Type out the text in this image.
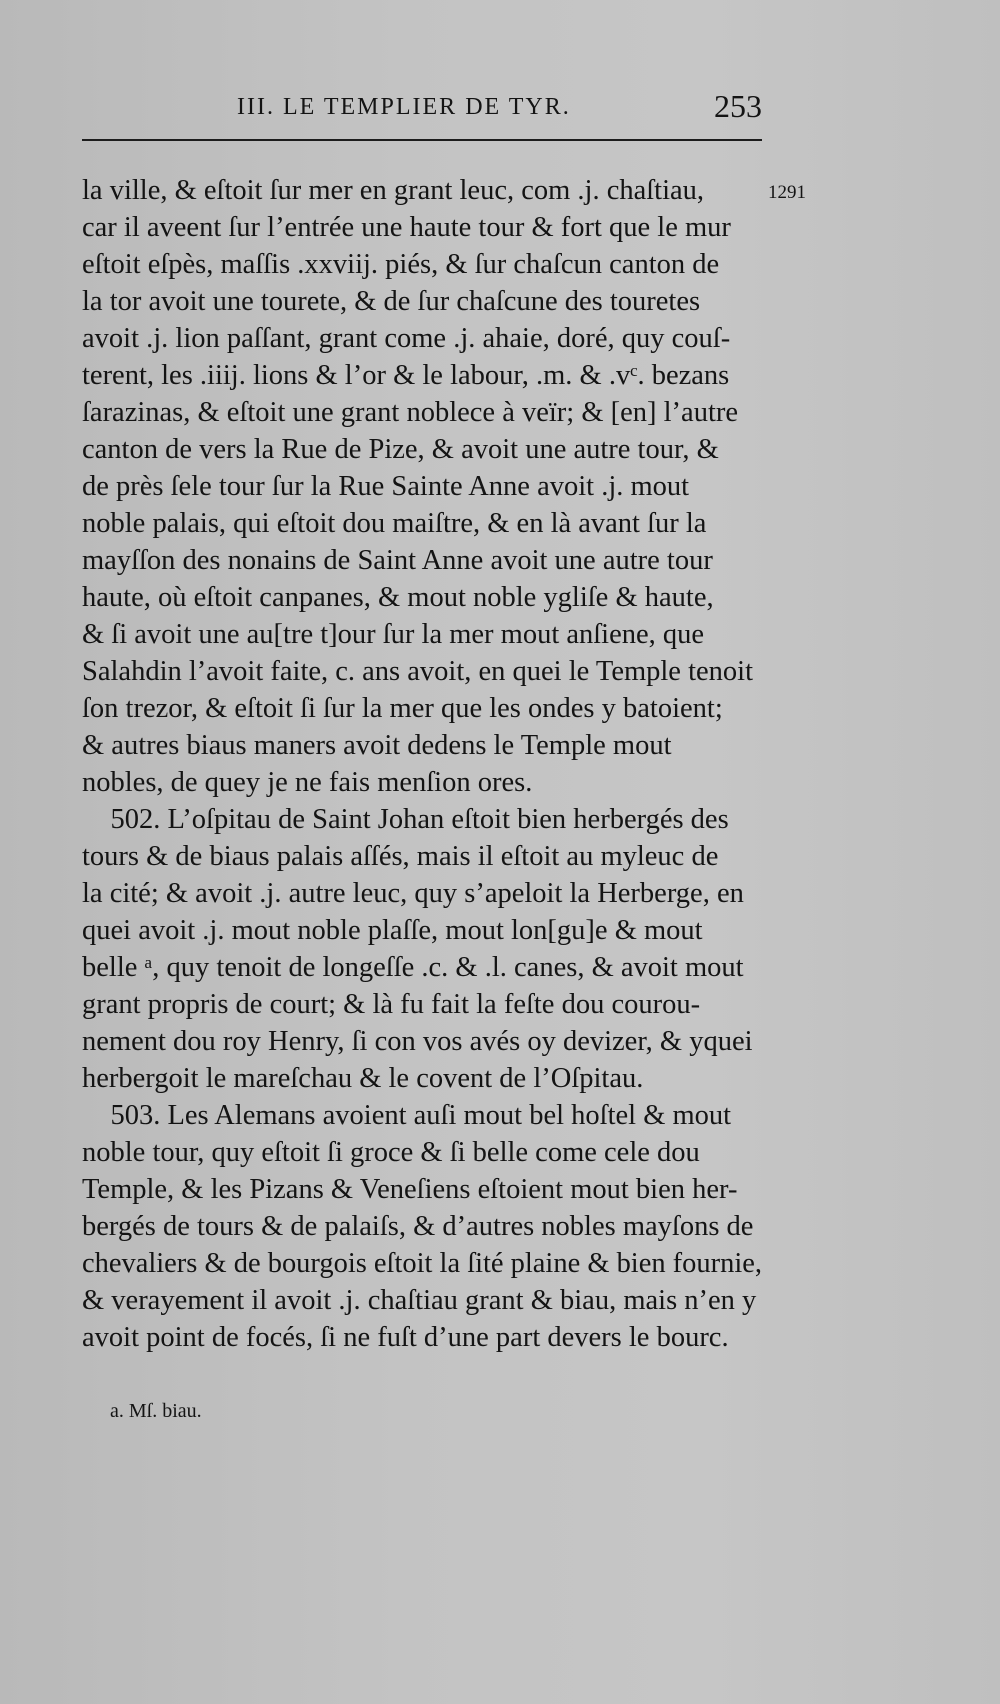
III. LE TEMPLIER DE TYR.	253
la ville, & eſtoit ſur mer en grant leuc, com .j. chaſtiau,	1291
car il aveent ſur l’entrée une haute tour & fort que le mur
eſtoit eſpès, maſſis .xxviij. piés, & ſur chaſcun canton de
la tor avoit une tourete, & de ſur chaſcune des touretes
avoit .j. lion paſſant, grant come .j. ahaie, doré, quy couſ-
terent, les .iiij. lions & l’or & le labour, .m. & .vᶜ. bezans
ſarazinas, & eſtoit une grant noblece à veïr; & [en] l’autre
canton de vers la Rue de Pize, & avoit une autre tour, &
de près ſele tour ſur la Rue Sainte Anne avoit .j. mout
noble palais, qui eſtoit dou maiſtre, & en là avant ſur la
mayſſon des nonains de Saint Anne avoit une autre tour
haute, où eſtoit canpanes, & mout noble ygliſe & haute,
& ſi avoit une au[tre t]our ſur la mer mout anſiene, que
Salahdin l’avoit faite, c. ans avoit, en quei le Temple tenoit
ſon trezor, & eſtoit ſi ſur la mer que les ondes y batoient;
& autres biaus maners avoit dedens le Temple mout
nobles, de quey je ne fais menſion ores.
502. L’oſpitau de Saint Johan eſtoit bien herbergés des
tours & de biaus palais aſſés, mais il eſtoit au myleuc de
la cité; & avoit .j. autre leuc, quy s’apeloit la Herberge, en
quei avoit .j. mout noble plaſſe, mout lon[gu]e & mout
belle ᵃ, quy tenoit de longeſſe .c. & .l. canes, & avoit mout
grant propris de court; & là fu fait la feſte dou courou-
nement dou roy Henry, ſi con vos avés oy devizer, & yquei
herbergoit le mareſchau & le covent de l’Oſpitau.
503. Les Alemans avoient auſi mout bel hoſtel & mout
noble tour, quy eſtoit ſi groce & ſi belle come cele dou
Temple, & les Pizans & Veneſiens eſtoient mout bien her-
bergés de tours & de palaiſs, & d’autres nobles mayſons de
chevaliers & de bourgois eſtoit la ſité plaine & bien fournie,
& verayement il avoit .j. chaſtiau grant & biau, mais n’en y
avoit point de focés, ſi ne fuſt d’une part devers le bourc.
a. Mſ. biau.
